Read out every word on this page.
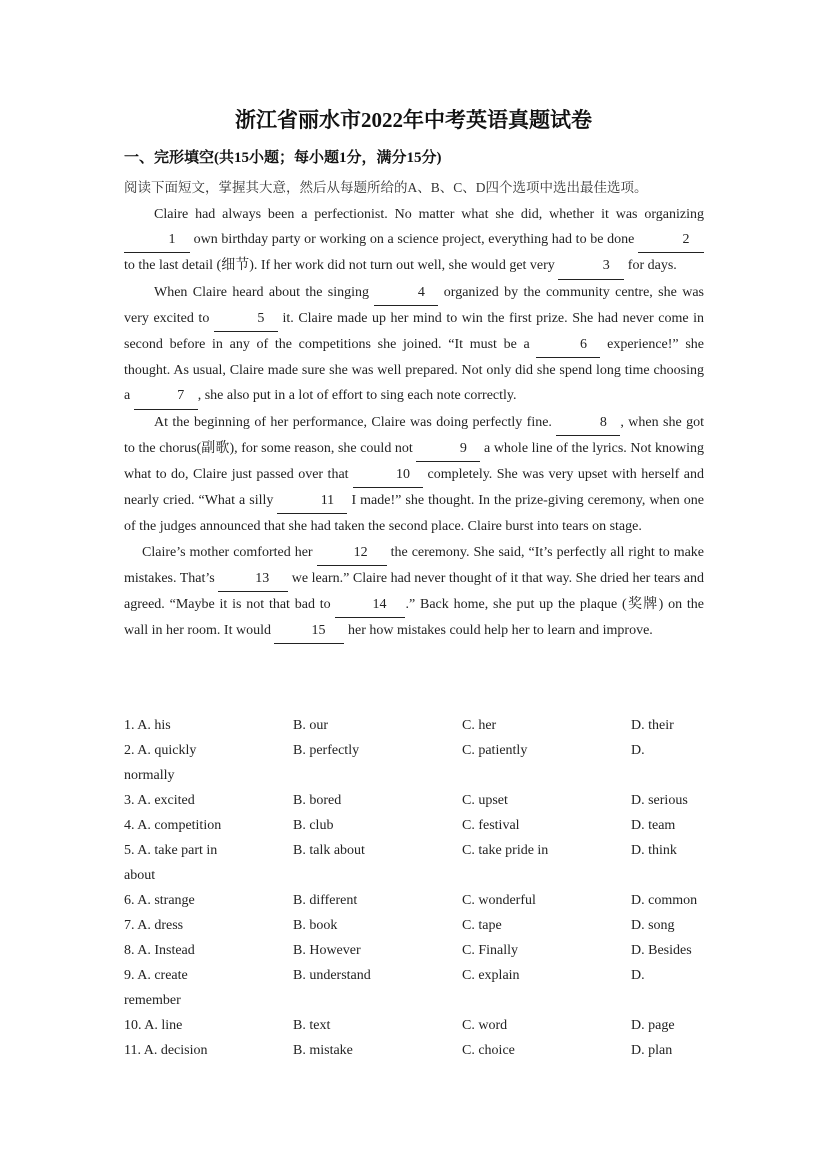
浙江省丽水市2022年中考英语真题试卷
一、完形填空(共15小题；每小题1分，满分15分)
阅读下面短文，掌握其大意，然后从每题所给的A、B、C、D四个选项中选出最佳选项。

Claire had always been a perfectionist. No matter what she did, whether it was organizing 1 own birthday party or working on a science project, everything had to be done	2 to the last detail (细节). If her work did not turn out well, she would get very	3 for days.

When Claire heard about the singing	4 organized by the community centre, she was very excited to	5 it. Claire made up her mind to win the first prize. She had never come in second before in any of the competitions she joined. “It must be a	6 experience!” she thought. As usual, Claire made sure she was well prepared. Not only did she spend long time choosing a	7 , she also put in a lot of effort to sing each note correctly.

At the beginning of her performance, Claire was doing perfectly fine.	8 , when she got to the chorus(副歌), for some reason, she could not	9 a whole line of the lyrics. Not knowing what to do, Claire just passed over that	10 completely. She was very upset with herself and nearly cried. “What a silly	11 I made!” she thought. In the prize-giving ceremony, when one of the judges announced that she had taken the second place. Claire burst into tears on stage.

Claire’s mother comforted her	12 the ceremony. She said, “It’s perfectly all right to make mistakes. That’s	13 we learn.” Claire had never thought of it that way. She dried her tears and agreed. “Maybe it is not that bad to	14 .” Back home, she put up the plaque (奖牌) on the wall in her room. It would	15 her how mistakes could help her to learn and improve.

1. A. his	B. our	C. her	D. their
2. A. quickly	B. perfectly	C. patiently	D.
normally
3. A. excited	B. bored	C. upset	D. serious
4. A. competition	B. club	C. festival	D. team
5. A. take part in	B. talk about	C. take pride in	D. think
about
6. A. strange	B. different	C. wonderful	D. common
7. A. dress	B. book	C. tape	D. song
8. A. Instead	B. However	C. Finally	D. Besides
9. A. create	B. understand	C. explain	D.
remember
10. A. line	B. text	C. word	D. page
11. A. decision	B. mistake	C. choice	D. plan
